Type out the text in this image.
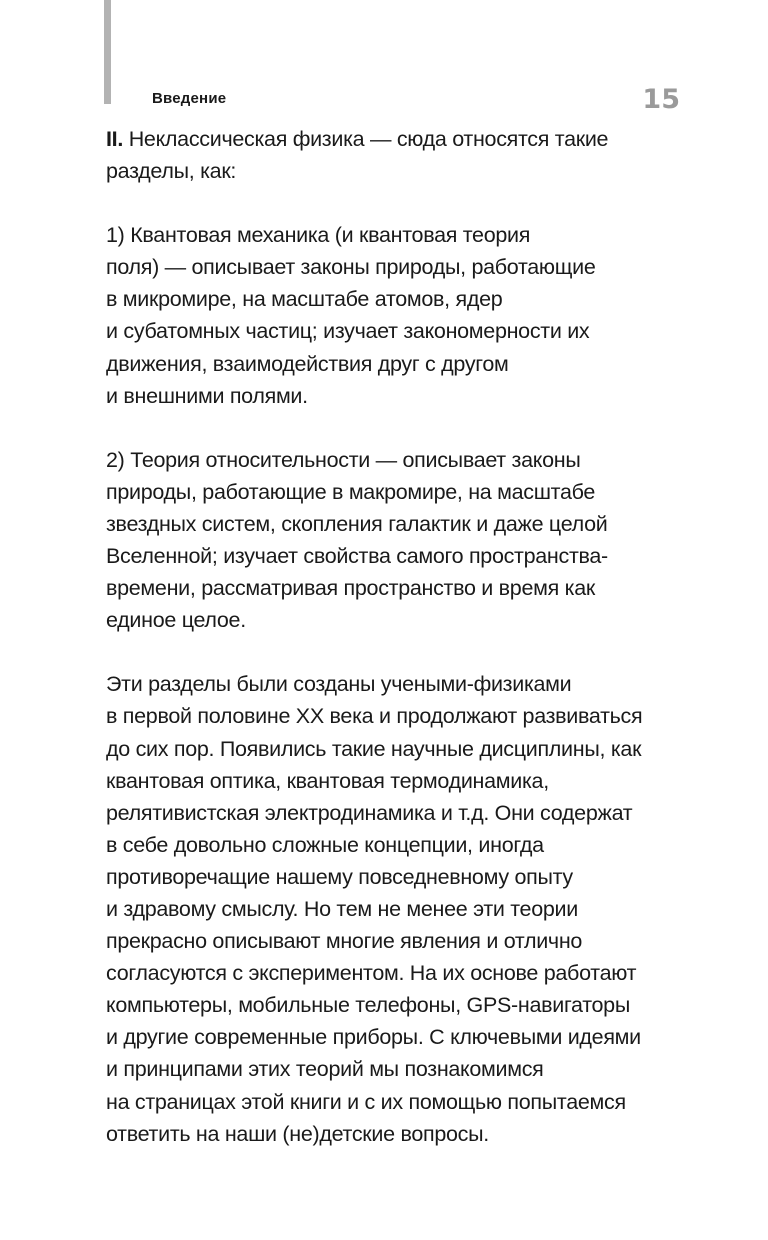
Введение	15

II. Неклассическая физика — сюда относятся такие
разделы, как:

1) Квантовая механика (и квантовая теория
поля) — описывает законы природы, работающие
в микромире, на масштабе атомов, ядер
и субатомных частиц; изучает закономерности их
движения, взаимодействия друг с другом
и внешними полями.

2) Теория относительности — описывает законы
природы, работающие в макромире, на масштабе
звездных систем, скопления галактик и даже целой
Вселенной; изучает свойства самого пространства-
времени, рассматривая пространство и время как
единое целое.

Эти разделы были созданы учеными-физиками
в первой половине XX века и продолжают развиваться
до сих пор. Появились такие научные дисциплины, как
квантовая оптика, квантовая термодинамика,
релятивистская электродинамика и т.д. Они содержат
в себе довольно сложные концепции, иногда
противоречащие нашему повседневному опыту
и здравому смыслу. Но тем не менее эти теории
прекрасно описывают многие явления и отлично
согласуются с экспериментом. На их основе работают
компьютеры, мобильные телефоны, GPS-навигаторы
и другие современные приборы. С ключевыми идеями
и принципами этих теорий мы познакомимся
на страницах этой книги и с их помощью попытаемся
ответить на наши (не)детские вопросы.
